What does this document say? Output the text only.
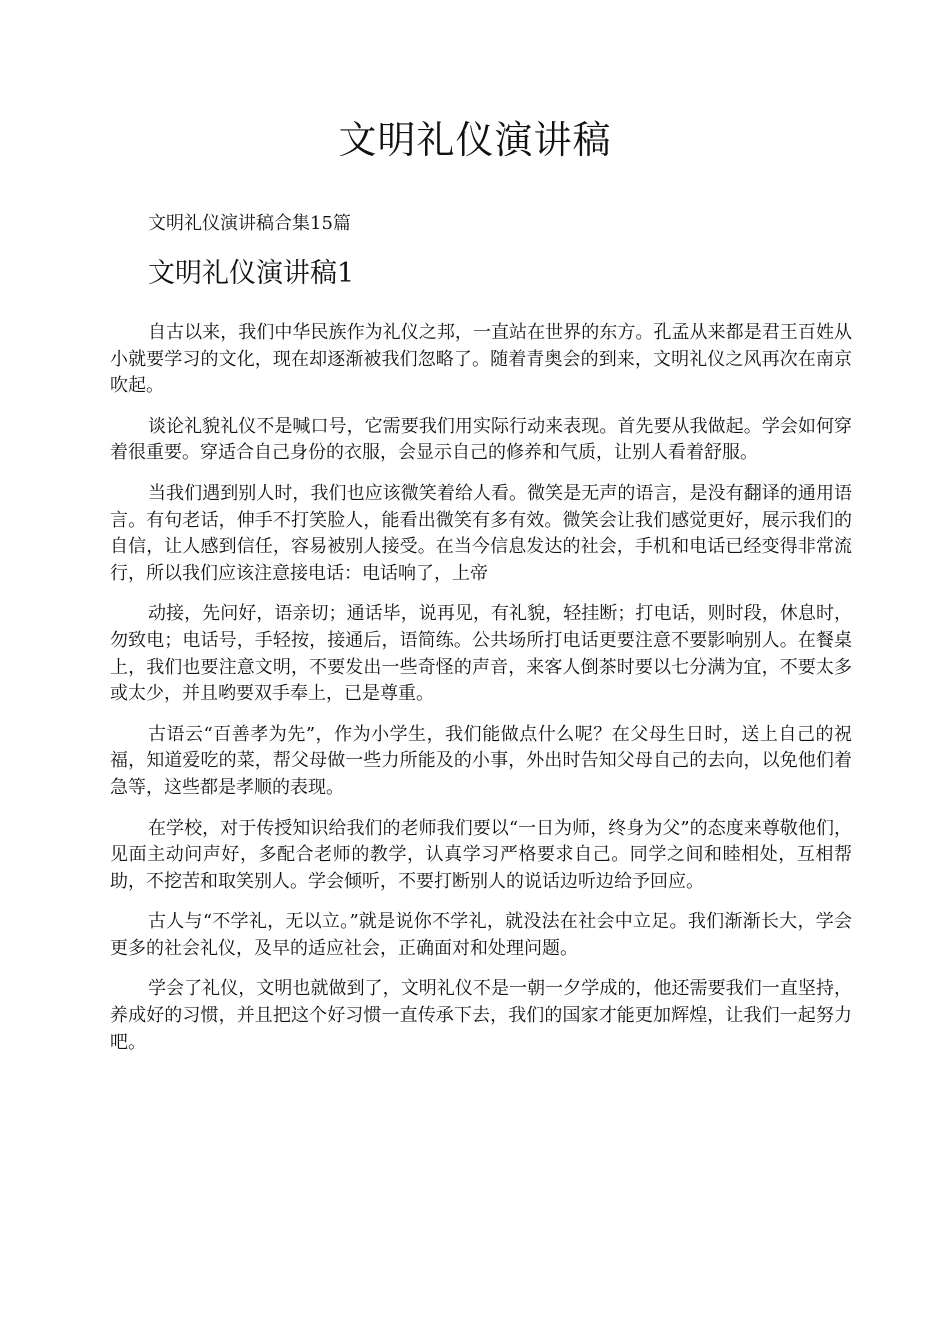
文明礼仪演讲稿

文明礼仪演讲稿合集15篇

文明礼仪演讲稿1

自古以来，我们中华民族作为礼仪之邦，一直站在世界的东方。孔孟从来都是君王百姓从小就要学习的文化，现在却逐渐被我们忽略了。随着青奥会的到来，文明礼仪之风再次在南京吹起。

谈论礼貌礼仪不是喊口号，它需要我们用实际行动来表现。首先要从我做起。学会如何穿着很重要。穿适合自己身份的衣服，会显示自己的修养和气质，让别人看着舒服。

当我们遇到别人时，我们也应该微笑着给人看。微笑是无声的语言，是没有翻译的通用语言。有句老话，伸手不打笑脸人，能看出微笑有多有效。微笑会让我们感觉更好，展示我们的自信，让人感到信任，容易被别人接受。在当今信息发达的社会，手机和电话已经变得非常流行，所以我们应该注意接电话：电话响了，上帝

动接，先问好，语亲切；通话毕，说再见，有礼貌，轻挂断；打电话，则时段，休息时，勿致电；电话号，手轻按，接通后，语简练。公共场所打电话更要注意不要影响别人。在餐桌上，我们也要注意文明，不要发出一些奇怪的声音，来客人倒茶时要以七分满为宜，不要太多或太少，并且哟要双手奉上，已是尊重。

古语云“百善孝为先”，作为小学生，我们能做点什么呢？在父母生日时，送上自己的祝福，知道爱吃的菜，帮父母做一些力所能及的小事，外出时告知父母自己的去向，以免他们着急等，这些都是孝顺的表现。

在学校，对于传授知识给我们的老师我们要以“一日为师，终身为父”的态度来尊敬他们，见面主动问声好，多配合老师的教学，认真学习严格要求自己。同学之间和睦相处，互相帮助，不挖苦和取笑别人。学会倾听，不要打断别人的说话边听边给予回应。

古人与“不学礼，无以立。”就是说你不学礼，就没法在社会中立足。我们渐渐长大，学会更多的社会礼仪，及早的适应社会，正确面对和处理问题。

学会了礼仪，文明也就做到了，文明礼仪不是一朝一夕学成的，他还需要我们一直坚持，养成好的习惯，并且把这个好习惯一直传承下去，我们的国家才能更加辉煌，让我们一起努力吧。
